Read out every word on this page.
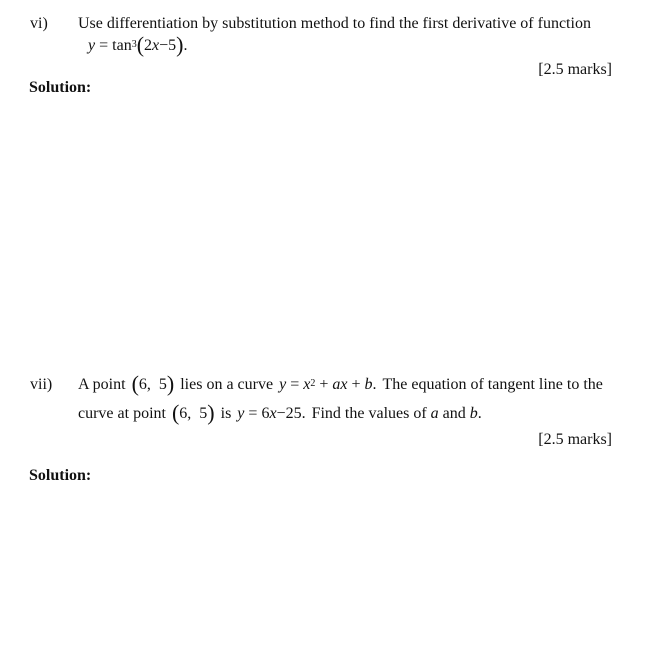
vi) Use differentiation by substitution method to find the first derivative of function
$y = \tan^3(2x-5)$.
[2.5 marks]
Solution:
vii) A point (6,  5) lies on a curve $y = x^2$ + ax + b. The equation of tangent line to the
curve at point (6,  5) is y = 6x−25. Find the values of a and b.
[2.5 marks]
Solution:
